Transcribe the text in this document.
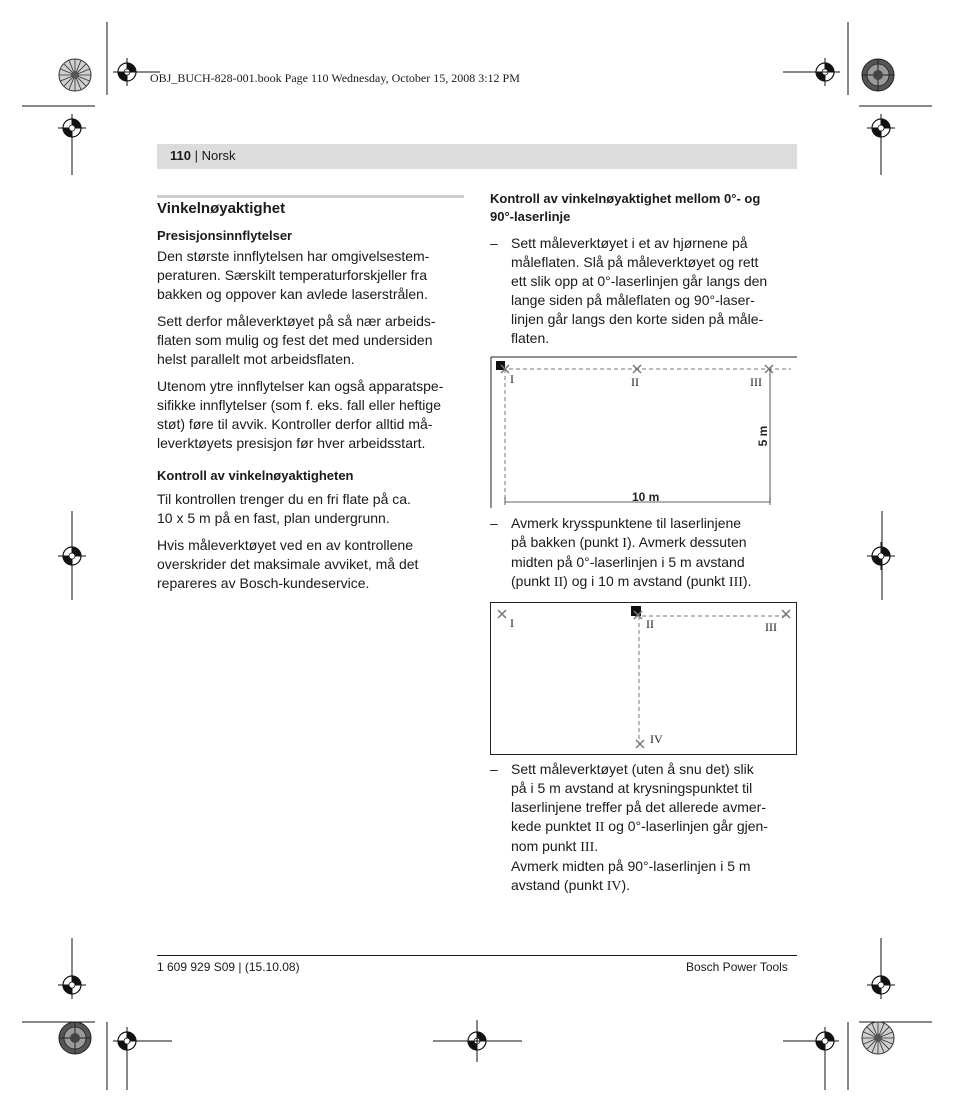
OBJ_BUCH-828-001.book Page 110 Wednesday, October 15, 2008 3:12 PM
110 | Norsk
Vinkelnøyaktighet
Presisjonsinnflytelser

Den største innflytelsen har omgivelsestem-
peraturen. Særskilt temperaturforskjeller fra
bakken og oppover kan avlede laserstrålen.

Sett derfor måleverktøyet på så nær arbeids-
flaten som mulig og fest det med undersiden
helst parallelt mot arbeidsflaten.

Utenom ytre innflytelser kan også apparatspe-
sifikke innflytelser (som f. eks. fall eller heftige
støt) føre til avvik. Kontroller derfor alltid må-
leverktøyets presisjon før hver arbeidsstart.

Kontroll av vinkelnøyaktigheten

Til kontrollen trenger du en fri flate på ca.
10 x 5 m på en fast, plan undergrunn.

Hvis måleverktøyet ved en av kontrollene
overskrider det maksimale avviket, må det
repareres av Bosch-kundeservice.

Kontroll av vinkelnøyaktighet mellom 0°- og
90°-laserlinje

– Sett måleverktøyet i et av hjørnene på
måleflaten. Slå på måleverktøyet og rett
ett slik opp at 0°-laserlinjen går langs den
lange siden på måleflaten og 90°-laser-
linjen går langs den korte siden på måle-
flaten.

I	II	III
10 m
5 m

– Avmerk krysspunktene til laserlinjene
på bakken (punkt I). Avmerk dessuten
midten på 0°-laserlinjen i 5 m avstand
(punkt II) og i 10 m avstand (punkt III).

I	II	III
IV

– Sett måleverktøyet (uten å snu det) slik
på i 5 m avstand at krysningspunktet til
laserlinjene treffer på det allerede avmer-
kede punktet II og 0°-laserlinjen går gjen-
nom punkt III.
Avmerk midten på 90°-laserlinjen i 5 m
avstand (punkt IV).

1 609 929 S09 | (15.10.08)	Bosch Power Tools
